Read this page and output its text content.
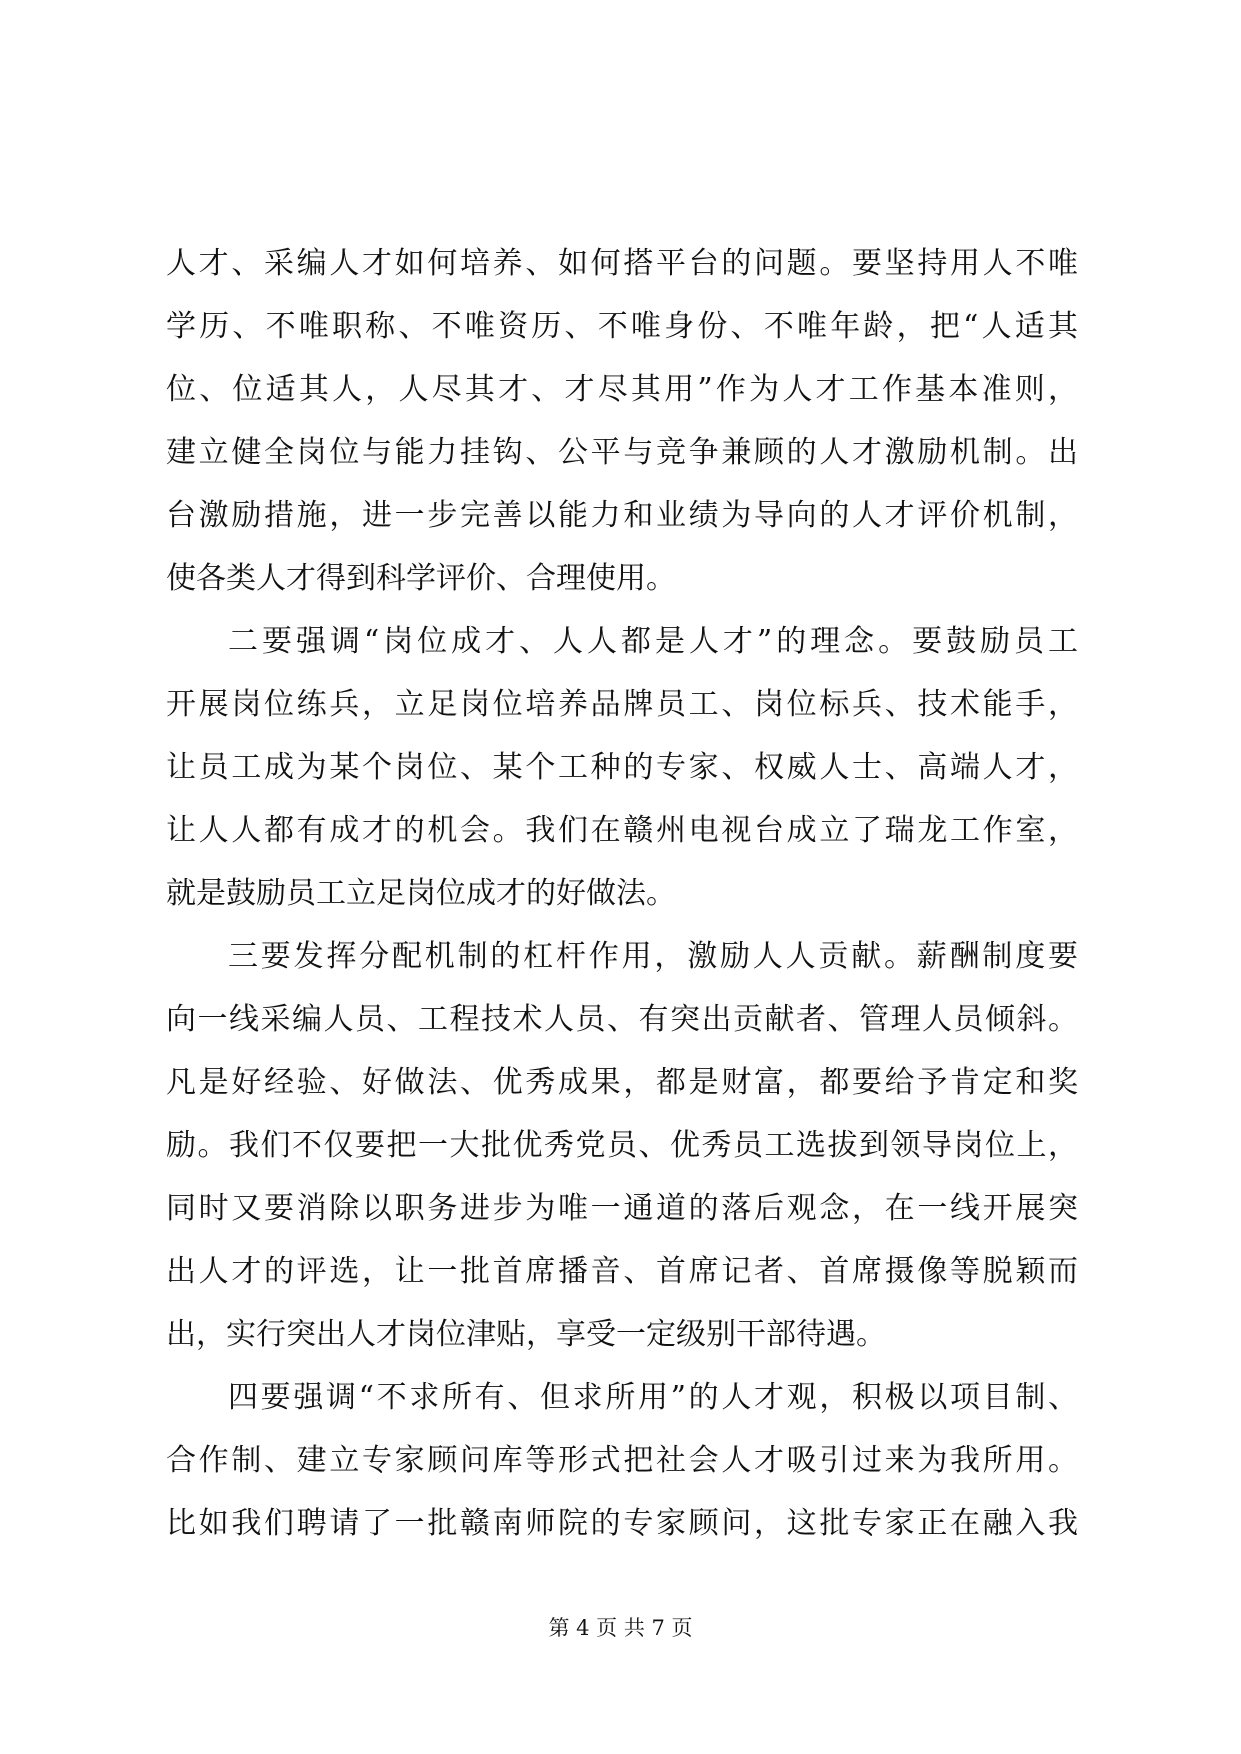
人才、采编人才如何培养、如何搭平台的问题。要坚持用人不唯
学历、不唯职称、不唯资历、不唯身份、不唯年龄，把“人适其
位、位适其人，人尽其才、才尽其用”作为人才工作基本准则，
建立健全岗位与能力挂钩、公平与竞争兼顾的人才激励机制。出
台激励措施，进一步完善以能力和业绩为导向的人才评价机制，
使各类人才得到科学评价、合理使用。
二要强调“岗位成才、人人都是人才”的理念。要鼓励员工
开展岗位练兵，立足岗位培养品牌员工、岗位标兵、技术能手，
让员工成为某个岗位、某个工种的专家、权威人士、高端人才，
让人人都有成才的机会。我们在赣州电视台成立了瑞龙工作室，
就是鼓励员工立足岗位成才的好做法。
三要发挥分配机制的杠杆作用，激励人人贡献。薪酬制度要
向一线采编人员、工程技术人员、有突出贡献者、管理人员倾斜。
凡是好经验、好做法、优秀成果，都是财富，都要给予肯定和奖
励。我们不仅要把一大批优秀党员、优秀员工选拔到领导岗位上，
同时又要消除以职务进步为唯一通道的落后观念，在一线开展突
出人才的评选，让一批首席播音、首席记者、首席摄像等脱颖而
出，实行突出人才岗位津贴，享受一定级别干部待遇。
四要强调“不求所有、但求所用”的人才观，积极以项目制、
合作制、建立专家顾问库等形式把社会人才吸引过来为我所用。
比如我们聘请了一批赣南师院的专家顾问，这批专家正在融入我
第 4 页 共 7 页
